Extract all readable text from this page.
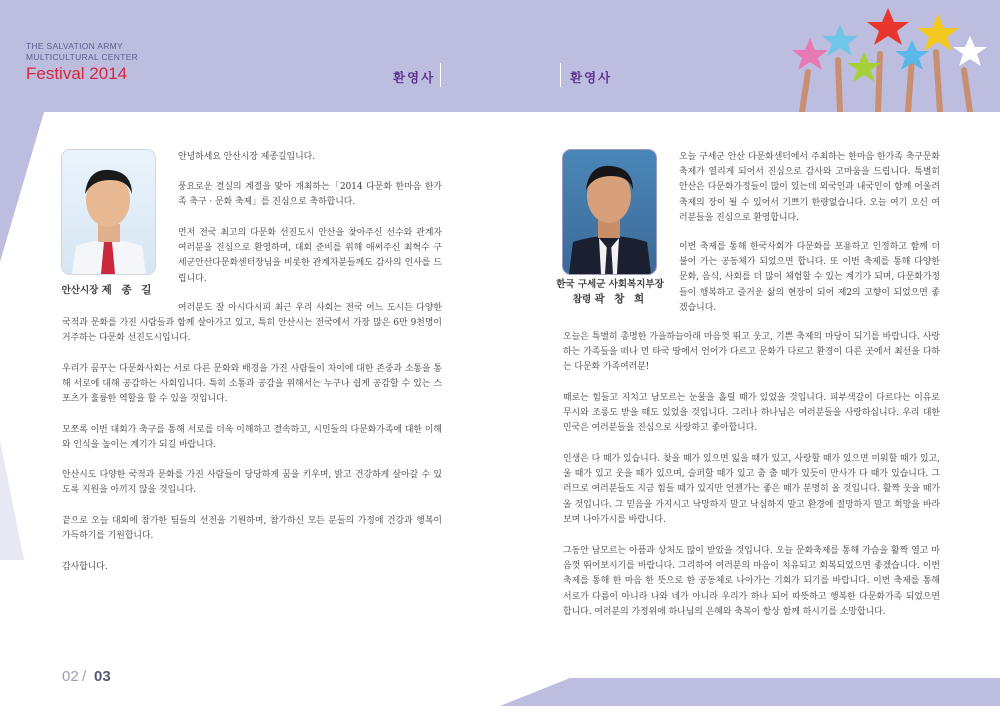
THE SALVATION ARMY
MULTICULTURAL CENTER
Festival 2014	환영사	환영사
안산시장 제 종 길

안녕하세요 안산시장 제종길입니다.

풍요로운 결실의 계절을 맞아 개최하는「2014 다문화 한마음 한가족 축구 · 문화 축제」를 진심으로 축하합니다.

먼저 전국 최고의 다문화 선진도시 안산을 찾아주신 선수와 관계자 여러분을 진심으로 환영하며, 대회 준비를 위해 애써주신 최혁수 구세군안산다문화센터장님을 비롯한 관계자분들께도 감사의 인사를 드립니다.

여러분도 잘 아시다시피 최근 우리 사회는 전국 어느 도시든 다양한 국적과 문화를 가진 사람들과 함께 살아가고 있고, 특히 안산시는 전국에서 가장 많은 6만 9천명이 거주하는 다문화 선진도시입니다.

우리가 꿈꾸는 다문화사회는 서로 다른 문화와 배경을 가진 사람들이 차이에 대한 존중과 소통을 통해 서로에 대해 공감하는 사회입니다. 특히 소통과 공감을 위해서는 누구나 쉽게 공감할 수 있는 스포츠가 훌륭한 역할을 할 수 있을 것입니다.

모쪼록 이번 대회가 축구를 통해 서로를 더욱 이해하고 결속하고, 시민들의 다문화가족에 대한 이해와 인식을 높이는 계기가 되길 바랍니다.

안산시도 다양한 국적과 문화를 가진 사람들이 당당하게 꿈을 키우며, 밝고 건강하게 살아갈 수 있도록 지원을 아끼지 않을 것입니다.

끝으로 오늘 대회에 참가한 팀들의 선전을 기원하며, 참가하신 모든 분들의 가정에 건강과 행복이 가득하기를 기원합니다.

감사합니다.

한국 구세군 사회복지부장
참령 곽 창 희

오늘 구세군 안산 다문화센터에서 주최하는 한마음 한가족 축구문화축제가 열리게 되어서 진심으로 감사와 고마움을 드립니다. 특별히 안산은 다문화가정들이 많이 있는데 외국인과 내국인이 함께 어울려 축제의 장이 될 수 있어서 기쁘기 한량없습니다. 오늘 여기 오신 여러분들을 진심으로 환영합니다.

이번 축제를 통해 한국사회가 다문화를 포용하고 인정하고 함께 더불어 가는 공동체가 되었으면 합니다. 또 이번 축제를 통해 다양한 문화, 음식, 사회를 더 많이 체험할 수 있는 계기가 되며, 다문화가정들이 행복하고 즐거운 삶의 현장이 되어 제2의 고향이 되었으면 좋겠습니다.

오늘은 특별히 총명한 가을하늘아래 마음껏 뛰고 웃고, 기쁜 축제의 마당이 되기를 바랍니다. 사랑하는 가족들을 떠나 먼 타국 땅에서 언어가 다르고 문화가 다르고 환경이 다른 곳에서 최선을 다하는 다문화 가족여러분!

때로는 힘들고 지치고 남모르는 눈물을 흘릴 때가 있었을 것입니다. 피부색갈이 다르다는 이유로 무시와 조롱도 받을 때도 있었을 것입니다. 그러나 하나님은 여러분들을 사랑하십니다. 우리 대한민국은 여러분들을 진심으로 사랑하고 좋아합니다.

인생은 다 때가 있습니다. 찾을 때가 있으면 잃을 때가 있고, 사랑할 때가 있으면 미워할 때가 있고, 울 때가 있고 웃을 때가 있으며, 슬퍼할 때가 있고 춤 출 때가 있듯이 만사가 다 때가 있습니다. 그러므로 여러분들도 지금 힘들 때가 있지만 언젠가는 좋은 때가 분명히 올 것입니다. 활짝 웃을 때가 올 것입니다. 그 믿음을 가지시고 낙망하지 말고 낙심하지 말고 환경에 절망하지 말고 희망을 바라보며 나아가시를 바랍니다.

그동안 남모르는 아픔과 상처도 많이 받았을 것입니다. 오늘 문화축제를 통해 가슴을 활짝 열고 마음껏 뛰어보시기를 바랍니다. 그리하여 여러분의 마음이 치유되고 회복되었으면 좋겠습니다. 이번 축제를 통해 한 마음 한 뜻으로 한 공동체로 나아가는 기회가 되기를 바랍니다. 이번 축제를 통해 서로가 다름이 아니라 나와 네가 아니라 우리가 하나 되어 따뜻하고 행복한 다문화가족 되었으면 합니다. 여러분의 가정위에 하나님의 은혜와 축복이 항상 함께 하시기를 소망합니다.

02 / 03
